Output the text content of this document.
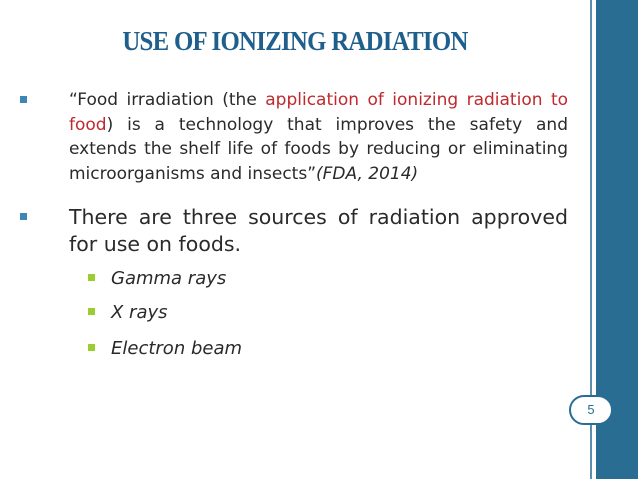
USE OF IONIZING RADIATION
“Food irradiation (the application of ionizing radiation to food) is a technology that improves the safety and extends the shelf life of foods by reducing or eliminating microorganisms and insects”(FDA, 2014)
There are three sources of radiation approved for use on foods.
Gamma rays
X rays
Electron beam
5
